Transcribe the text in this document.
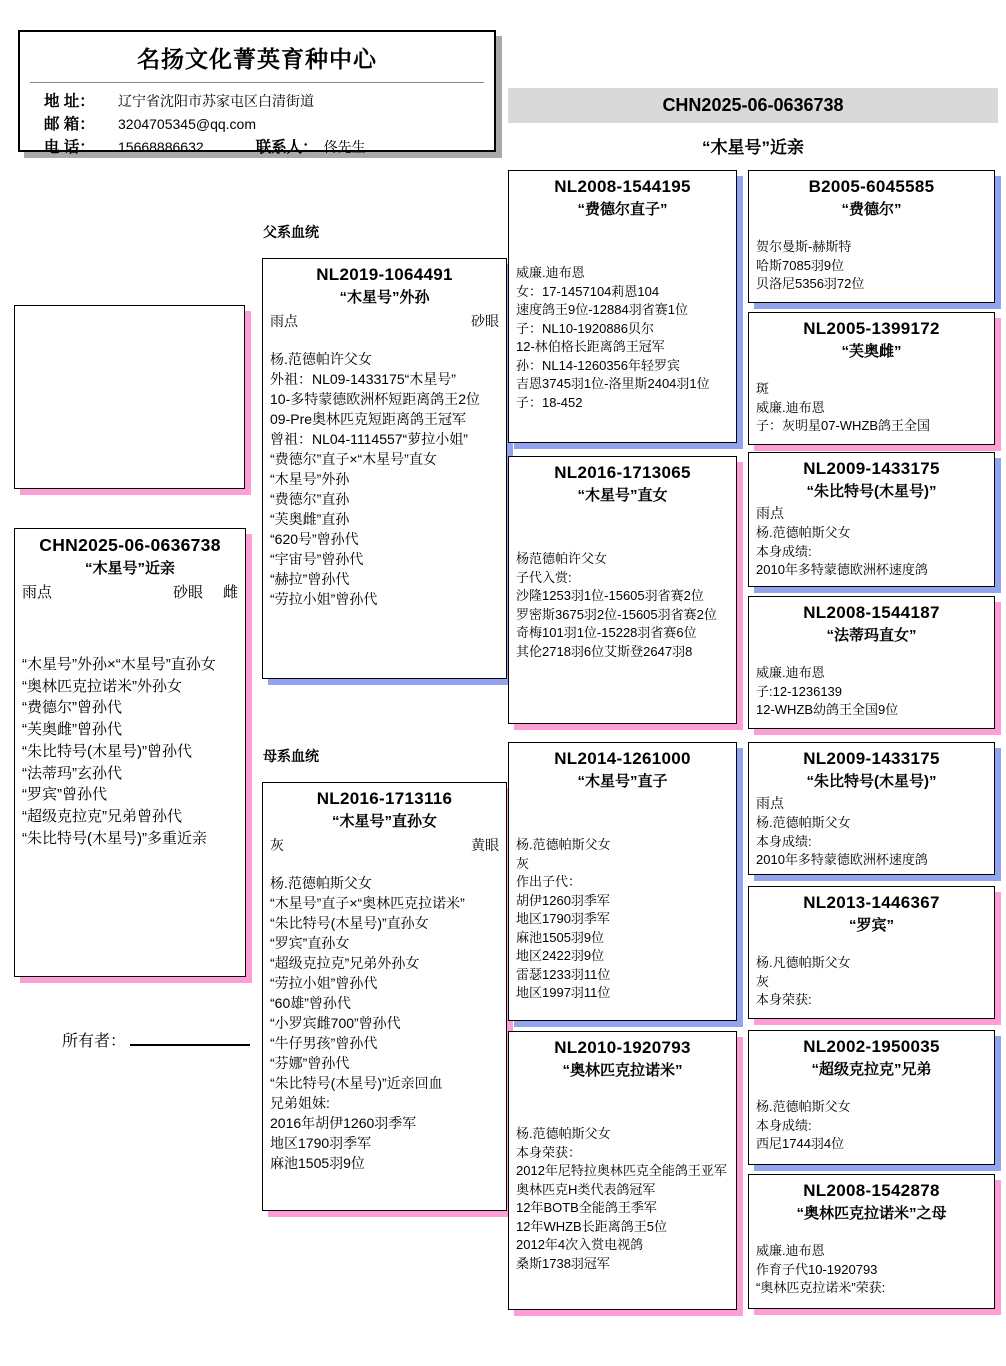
名扬文化菁英育种中心
地 址：	辽宁省沈阳市苏家屯区白清街道
邮 箱：	3204705345@qq.com
电 话：	15668886632	联系人： 佟先生
CHN2025-06-0636738
“木星号”近亲
CHN2025-06-0636738
“木星号”近亲
雨点	砂眼 雌
“木星号”外孙×“木星号”直孙女
“奥林匹克拉诺米”外孙女
“费德尔”曾孙代
“芙奥雌”曾孙代
“朱比特号(木星号)”曾孙代
“法蒂玛”玄孙代
“罗宾”曾孙代
“超级克拉克”兄弟曾孙代
“朱比特号(木星号)”多重近亲
所有者：
父系血统
NL2019-1064491
“木星号”外孙
雨点	砂眼
杨.范德帕许父女
外祖：NL09-1433175“木星号”
10-多特蒙德欧洲杯短距离鸽王2位
09-Pre奥林匹克短距离鸽王冠军
曾祖：NL04-1114557“萝拉小姐”
“费德尔”直子×“木星号”直女
“木星号”外孙
“费德尔”直孙
“芙奥雌”直孙
“620号”曾孙代
“宇宙号”曾孙代
“赫拉”曾孙代
“劳拉小姐”曾孙代
母系血统
NL2016-1713116
“木星号”直孙女
灰	黄眼
杨.范德帕斯父女
“木星号”直子×“奥林匹克拉诺米”
“朱比特号(木星号)”直孙女
“罗宾”直孙女
“超级克拉克”兄弟外孙女
“劳拉小姐”曾孙代
“60雄”曾孙代
“小罗宾雌700”曾孙代
“牛仔男孩”曾孙代
“芬娜”曾孙代
“朱比特号(木星号)”近亲回血
兄弟姐妹:
2016年胡伊1260羽季军
地区1790羽季军
麻池1505羽9位
NL2008-1544195
“费德尔直子”
威廉.迪布恩
女：17-1457104莉恩104
速度鸽王9位-12884羽省赛1位
子：NL10-1920886贝尔
12-林伯格长距离鸽王冠军
孙：NL14-1260356年轻罗宾
吉恩3745羽1位-洛里斯2404羽1位
子：18-452
NL2016-1713065
“木星号”直女
杨范德帕许父女
子代入赏:
沙隆1253羽1位-15605羽省赛2位
罗密斯3675羽2位-15605羽省赛2位
奇梅101羽1位-15228羽省赛6位
其伦2718羽6位艾斯登2647羽8
NL2014-1261000
“木星号”直子
杨.范德帕斯父女
灰
作出子代：
胡伊1260羽季军
地区1790羽季军
麻池1505羽9位
地区2422羽9位
雷瑟1233羽11位
地区1997羽11位
NL2010-1920793
“奥林匹克拉诺米”
杨.范德帕斯父女
本身荣获：
2012年尼特拉奥林匹克全能鸽王亚军
奥林匹克H类代表鸽冠军
12年BOTB全能鸽王季军
12年WHZB长距离鸽王5位
2012年4次入赏电视鸽
桑斯1738羽冠军
B2005-6045585
“费德尔”
贺尔曼斯-赫斯特
哈斯7085羽9位
贝洛尼5356羽72位
NL2005-1399172
“芙奥雌”
斑
威廉.迪布恩
子：灰明星07-WHZB鸽王全国
NL2009-1433175
“朱比特号(木星号)”
雨点
杨.范德帕斯父女
本身成绩:
2010年多特蒙德欧洲杯速度鸽
NL2008-1544187
“法蒂玛直女”
威廉.迪布恩
子:12-1236139
12-WHZB幼鸽王全国9位
NL2009-1433175
“朱比特号(木星号)”
雨点
杨.范德帕斯父女
本身成绩:
2010年多特蒙德欧洲杯速度鸽
NL2013-1446367
“罗宾”
杨.凡德帕斯父女
灰
本身荣获:
NL2002-1950035
“超级克拉克”兄弟
杨.范德帕斯父女
本身成绩:
西尼1744羽4位
NL2008-1542878
“奥林匹克拉诺米”之母
威廉.迪布恩
作育子代10-1920793
“奥林匹克拉诺米”荣获:
